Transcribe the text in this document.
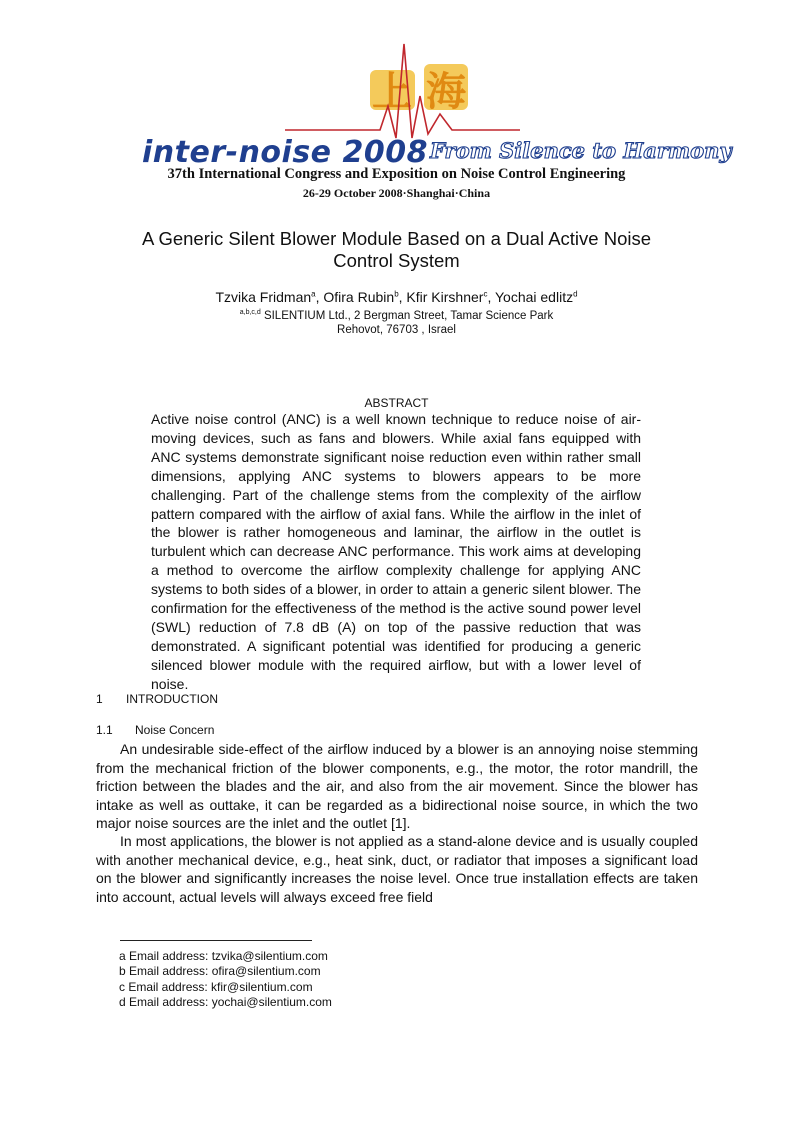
上 海
inter-noise 2008 From Silence to Harmony
37th International Congress and Exposition on Noise Control Engineering
26-29 October 2008·Shanghai·China
A Generic Silent Blower Module Based on a Dual Active Noise Control System
Tzvika Fridman$^a$, Ofira Rubin$^b$, Kfir Kirshner$^c$, Yochai edlitz$^d$
$^{a,b,c,d}$ SILENTIUM Ltd., 2 Bergman Street, Tamar Science Park
Rehovot, 76703 , Israel
ABSTRACT
Active noise control (ANC) is a well known technique to reduce noise of air-moving devices, such as fans and blowers. While axial fans equipped with ANC systems demonstrate significant noise reduction even within rather small dimensions, applying ANC systems to blowers appears to be more challenging. Part of the challenge stems from the complexity of the airflow pattern compared with the airflow of axial fans. While the airflow in the inlet of the blower is rather homogeneous and laminar, the airflow in the outlet is turbulent which can decrease ANC performance. This work aims at developing a method to overcome the airflow complexity challenge for applying ANC systems to both sides of a blower, in order to attain a generic silent blower. The confirmation for the effectiveness of the method is the active sound power level (SWL) reduction of 7.8 dB (A) on top of the passive reduction that was demonstrated. A significant potential was identified for producing a generic silenced blower module with the required airflow, but with a lower level of noise.
1 INTRODUCTION
1.1 Noise Concern

An undesirable side-effect of the airflow induced by a blower is an annoying noise stemming from the mechanical friction of the blower components, e.g., the motor, the rotor mandrill, the friction between the blades and the air, and also from the air movement. Since the blower has intake as well as outtake, it can be regarded as a bidirectional noise source, in which the two major noise sources are the inlet and the outlet [1].

In most applications, the blower is not applied as a stand-alone device and is usually coupled with another mechanical device, e.g., heat sink, duct, or radiator that imposes a significant load on the blower and significantly increases the noise level. Once true installation effects are taken into account, actual levels will always exceed free field

a Email address: tzvika@silentium.com
b Email address: ofira@silentium.com
c Email address: kfir@silentium.com
d Email address: yochai@silentium.com
